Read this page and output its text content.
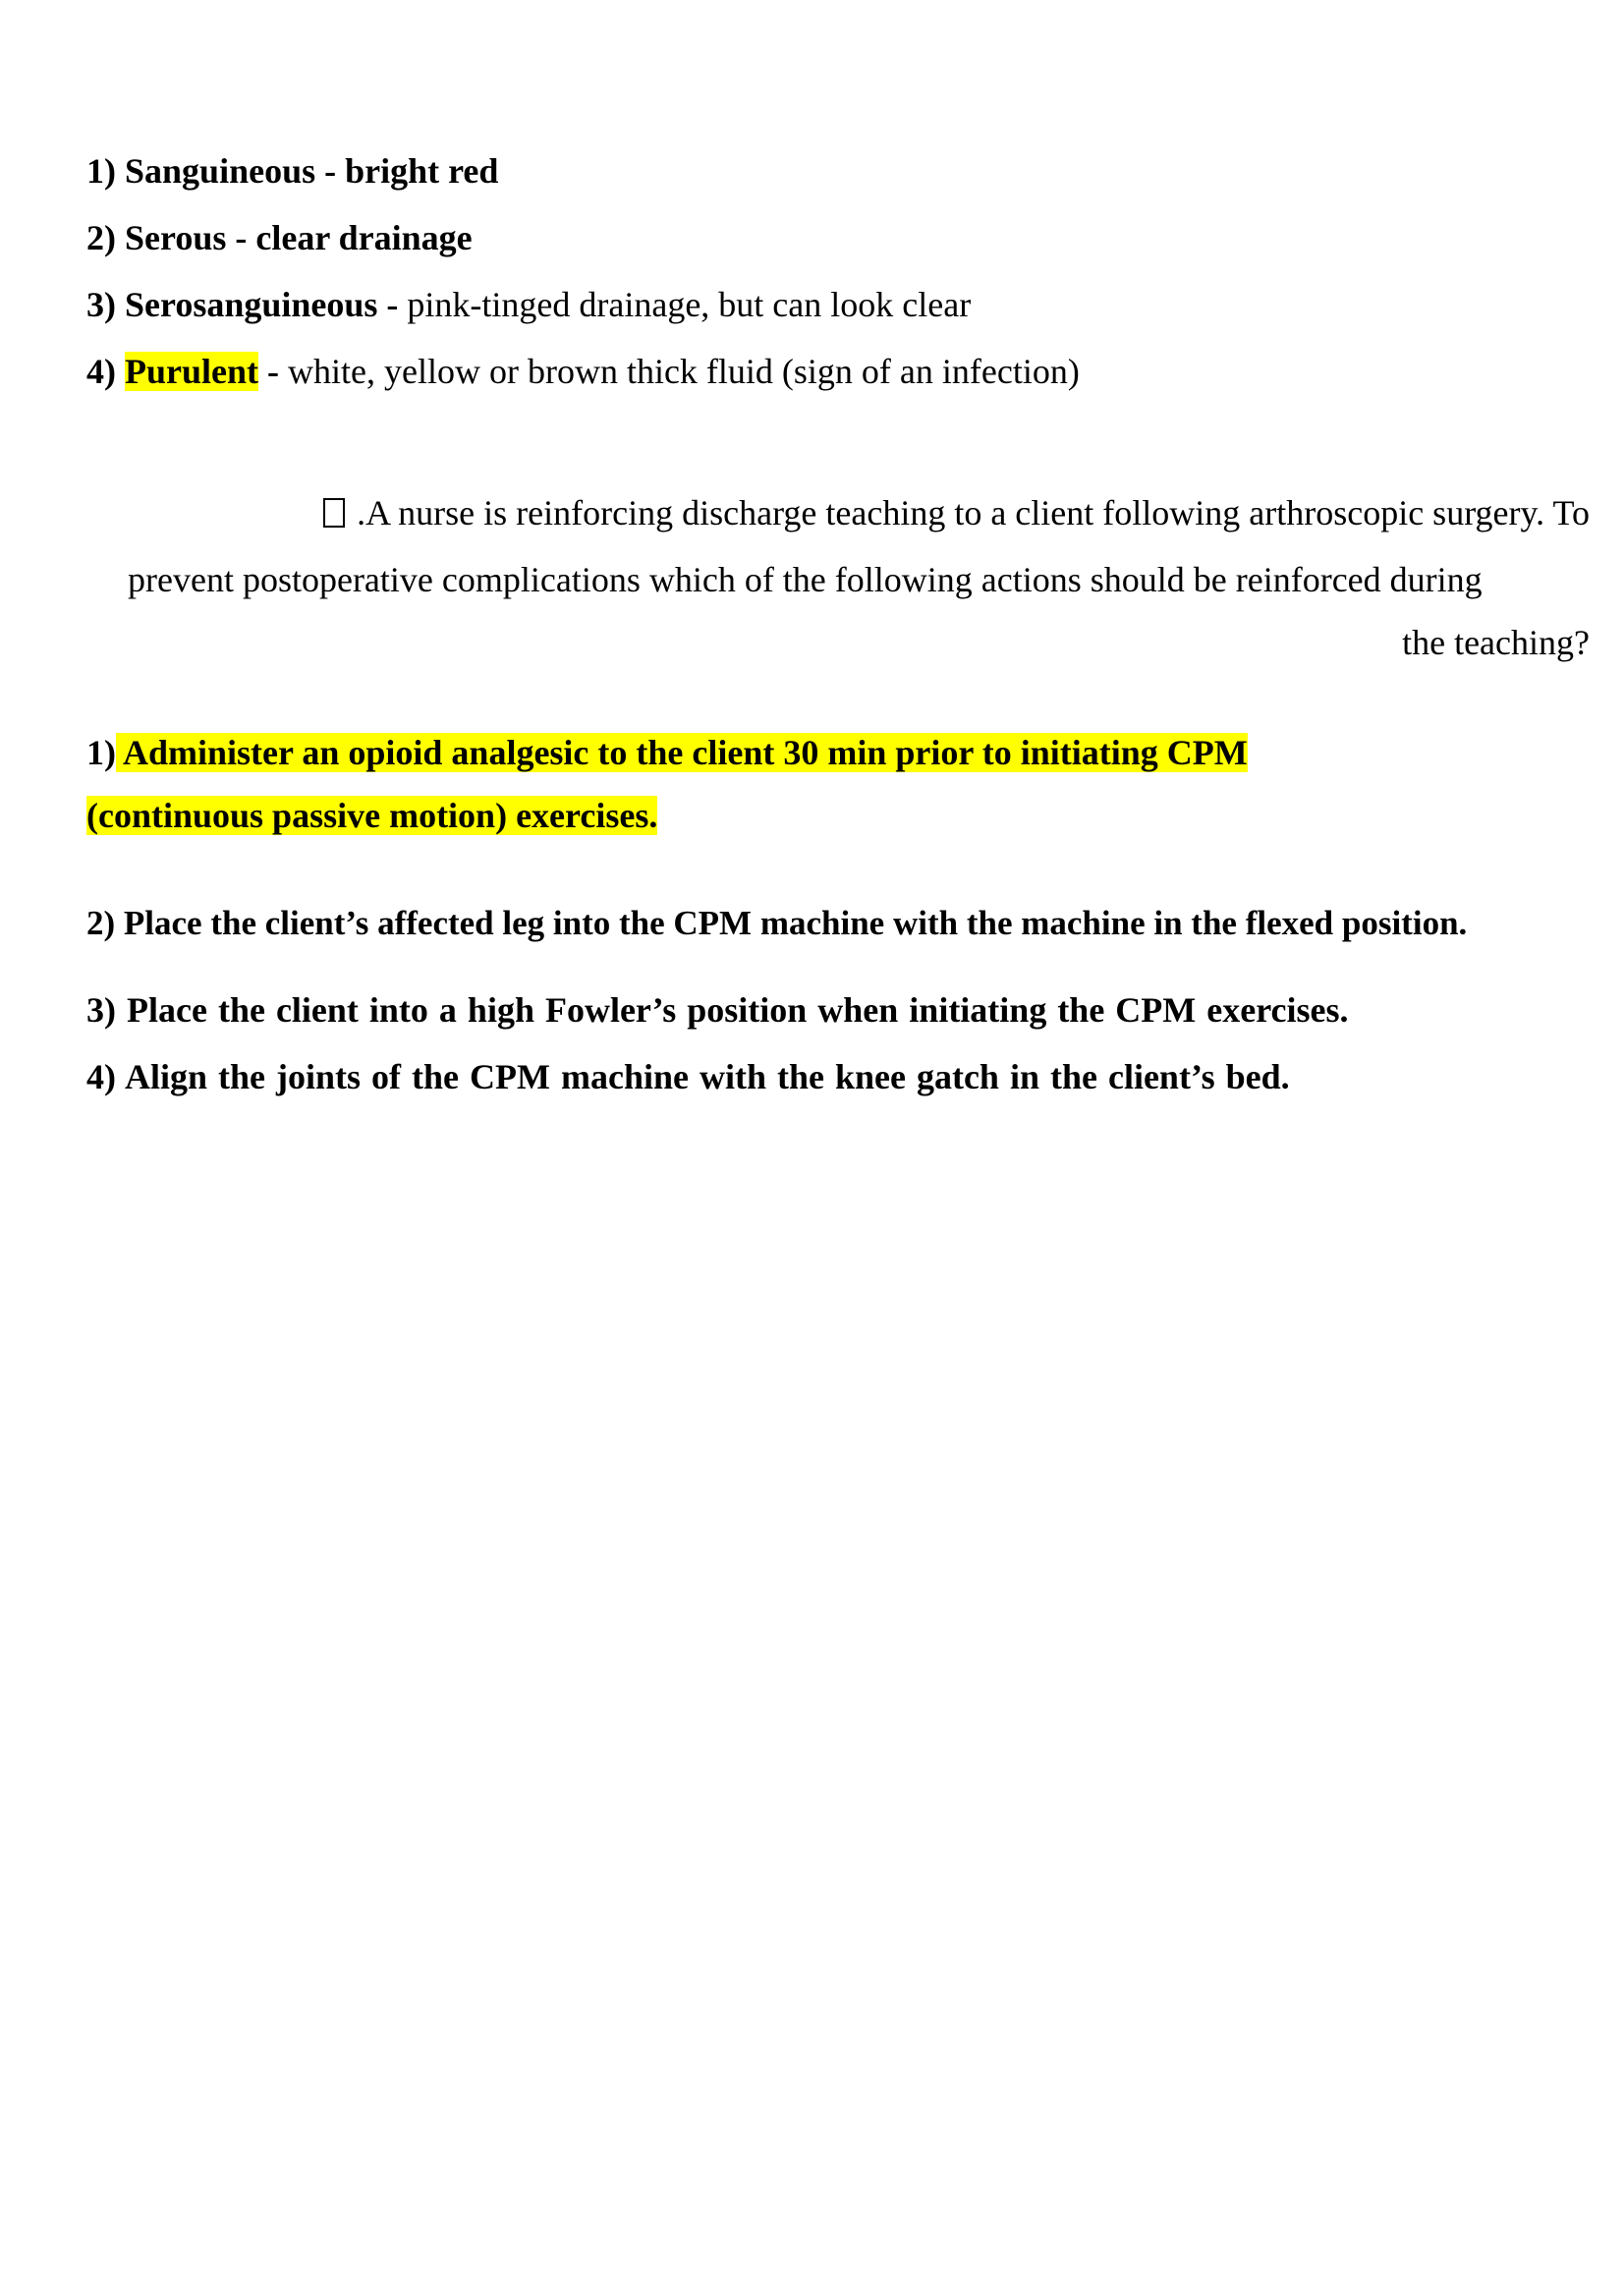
1) Sanguineous - bright red
2) Serous - clear drainage
3) Serosanguineous - pink-tinged drainage, but can look clear
4) Purulent - white, yellow or brown thick fluid (sign of an infection)
.A nurse is reinforcing discharge teaching to a client following arthroscopic surgery. To
prevent postoperative complications which of the following actions should be reinforced during
the teaching?
1) Administer an opioid analgesic to the client 30 min prior to initiating CPM
(continuous passive motion) exercises.
2) Place the client’s affected leg into the CPM machine with the machine in the flexed position.
3) Place the client into a high Fowler’s position when initiating the CPM exercises.
4) Align the joints of the CPM machine with the knee gatch in the client’s bed.
